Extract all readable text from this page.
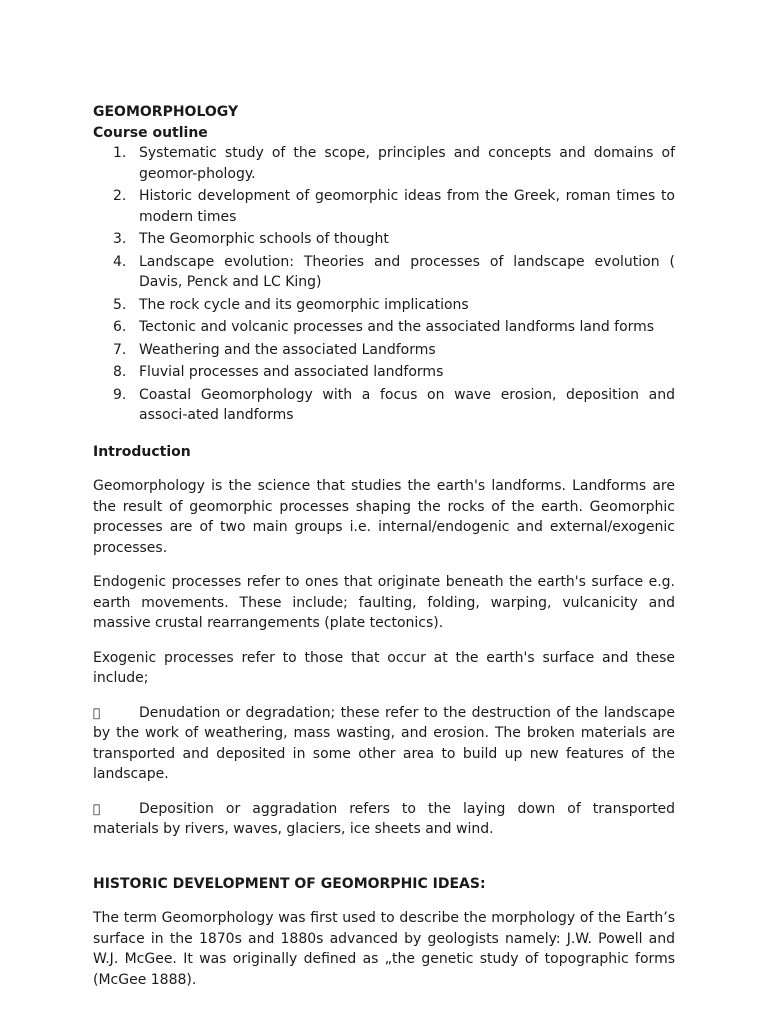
GEOMORPHOLOGY
Course outline
1. Systematic study of the scope, principles and concepts and domains of geomor-phology.
2. Historic development of geomorphic ideas from the Greek, roman times to modern times
3. The Geomorphic schools of thought
4. Landscape evolution: Theories and processes of landscape evolution ( Davis, Penck and LC King)
5. The rock cycle and its geomorphic implications
6. Tectonic and volcanic processes and the associated landforms land forms
7. Weathering and the associated Landforms
8. Fluvial processes and associated landforms
9. Coastal Geomorphology with a focus on wave erosion, deposition and associ-ated landforms
Introduction

Geomorphology is the science that studies the earth's landforms. Landforms are the result of geomorphic processes shaping the rocks of the earth. Geomorphic processes are of two main groups i.e. internal/endogenic and external/exogenic processes.

Endogenic processes refer to ones that originate beneath the earth's surface e.g. earth movements. These include; faulting, folding, warping, vulcanicity and massive crustal rearrangements (plate tectonics).

Exogenic processes refer to those that occur at the earth's surface and these include;

Denudation or degradation; these refer to the destruction of the landscape by the work of weathering, mass wasting, and erosion. The broken materials are transported and deposited in some other area to build up new features of the landscape.

Deposition or aggradation refers to the laying down of transported materials by rivers, waves, glaciers, ice sheets and wind.

HISTORIC DEVELOPMENT OF GEOMORPHIC IDEAS:

The term Geomorphology was first used to describe the morphology of the Earth’s surface in the 1870s and 1880s advanced by geologists namely: J.W. Powell and W.J. McGee. It was originally defined as „the genetic study of topographic forms (McGee 1888).
